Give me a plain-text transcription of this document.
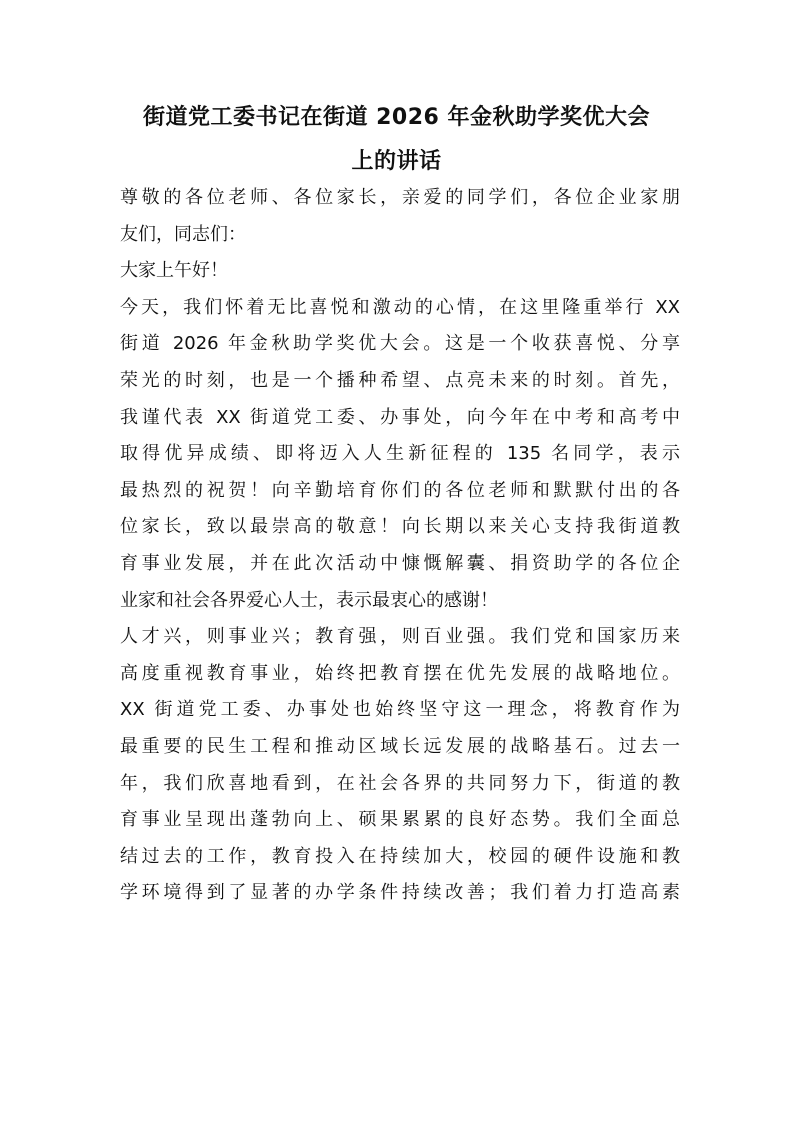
街道党工委书记在街道 2026 年金秋助学奖优大会
上的讲话
尊敬的各位老师、各位家长，亲爱的同学们，各位企业家朋
友们，同志们：
大家上午好！
今天，我们怀着无比喜悦和激动的心情，在这里隆重举行 XX
街道 2026 年金秋助学奖优大会。这是一个收获喜悦、分享
荣光的时刻，也是一个播种希望、点亮未来的时刻。首先，
我谨代表 XX 街道党工委、办事处，向今年在中考和高考中
取得优异成绩、即将迈入人生新征程的 135 名同学，表示
最热烈的祝贺！向辛勤培育你们的各位老师和默默付出的各
位家长，致以最崇高的敬意！向长期以来关心支持我街道教
育事业发展，并在此次活动中慷慨解囊、捐资助学的各位企
业家和社会各界爱心人士，表示最衷心的感谢！
人才兴，则事业兴；教育强，则百业强。我们党和国家历来
高度重视教育事业，始终把教育摆在优先发展的战略地位。
XX 街道党工委、办事处也始终坚守这一理念，将教育作为
最重要的民生工程和推动区域长远发展的战略基石。过去一
年，我们欣喜地看到，在社会各界的共同努力下，街道的教
育事业呈现出蓬勃向上、硕果累累的良好态势。我们全面总
结过去的工作，教育投入在持续加大，校园的硬件设施和教
学环境得到了显著的办学条件持续改善；我们着力打造高素
